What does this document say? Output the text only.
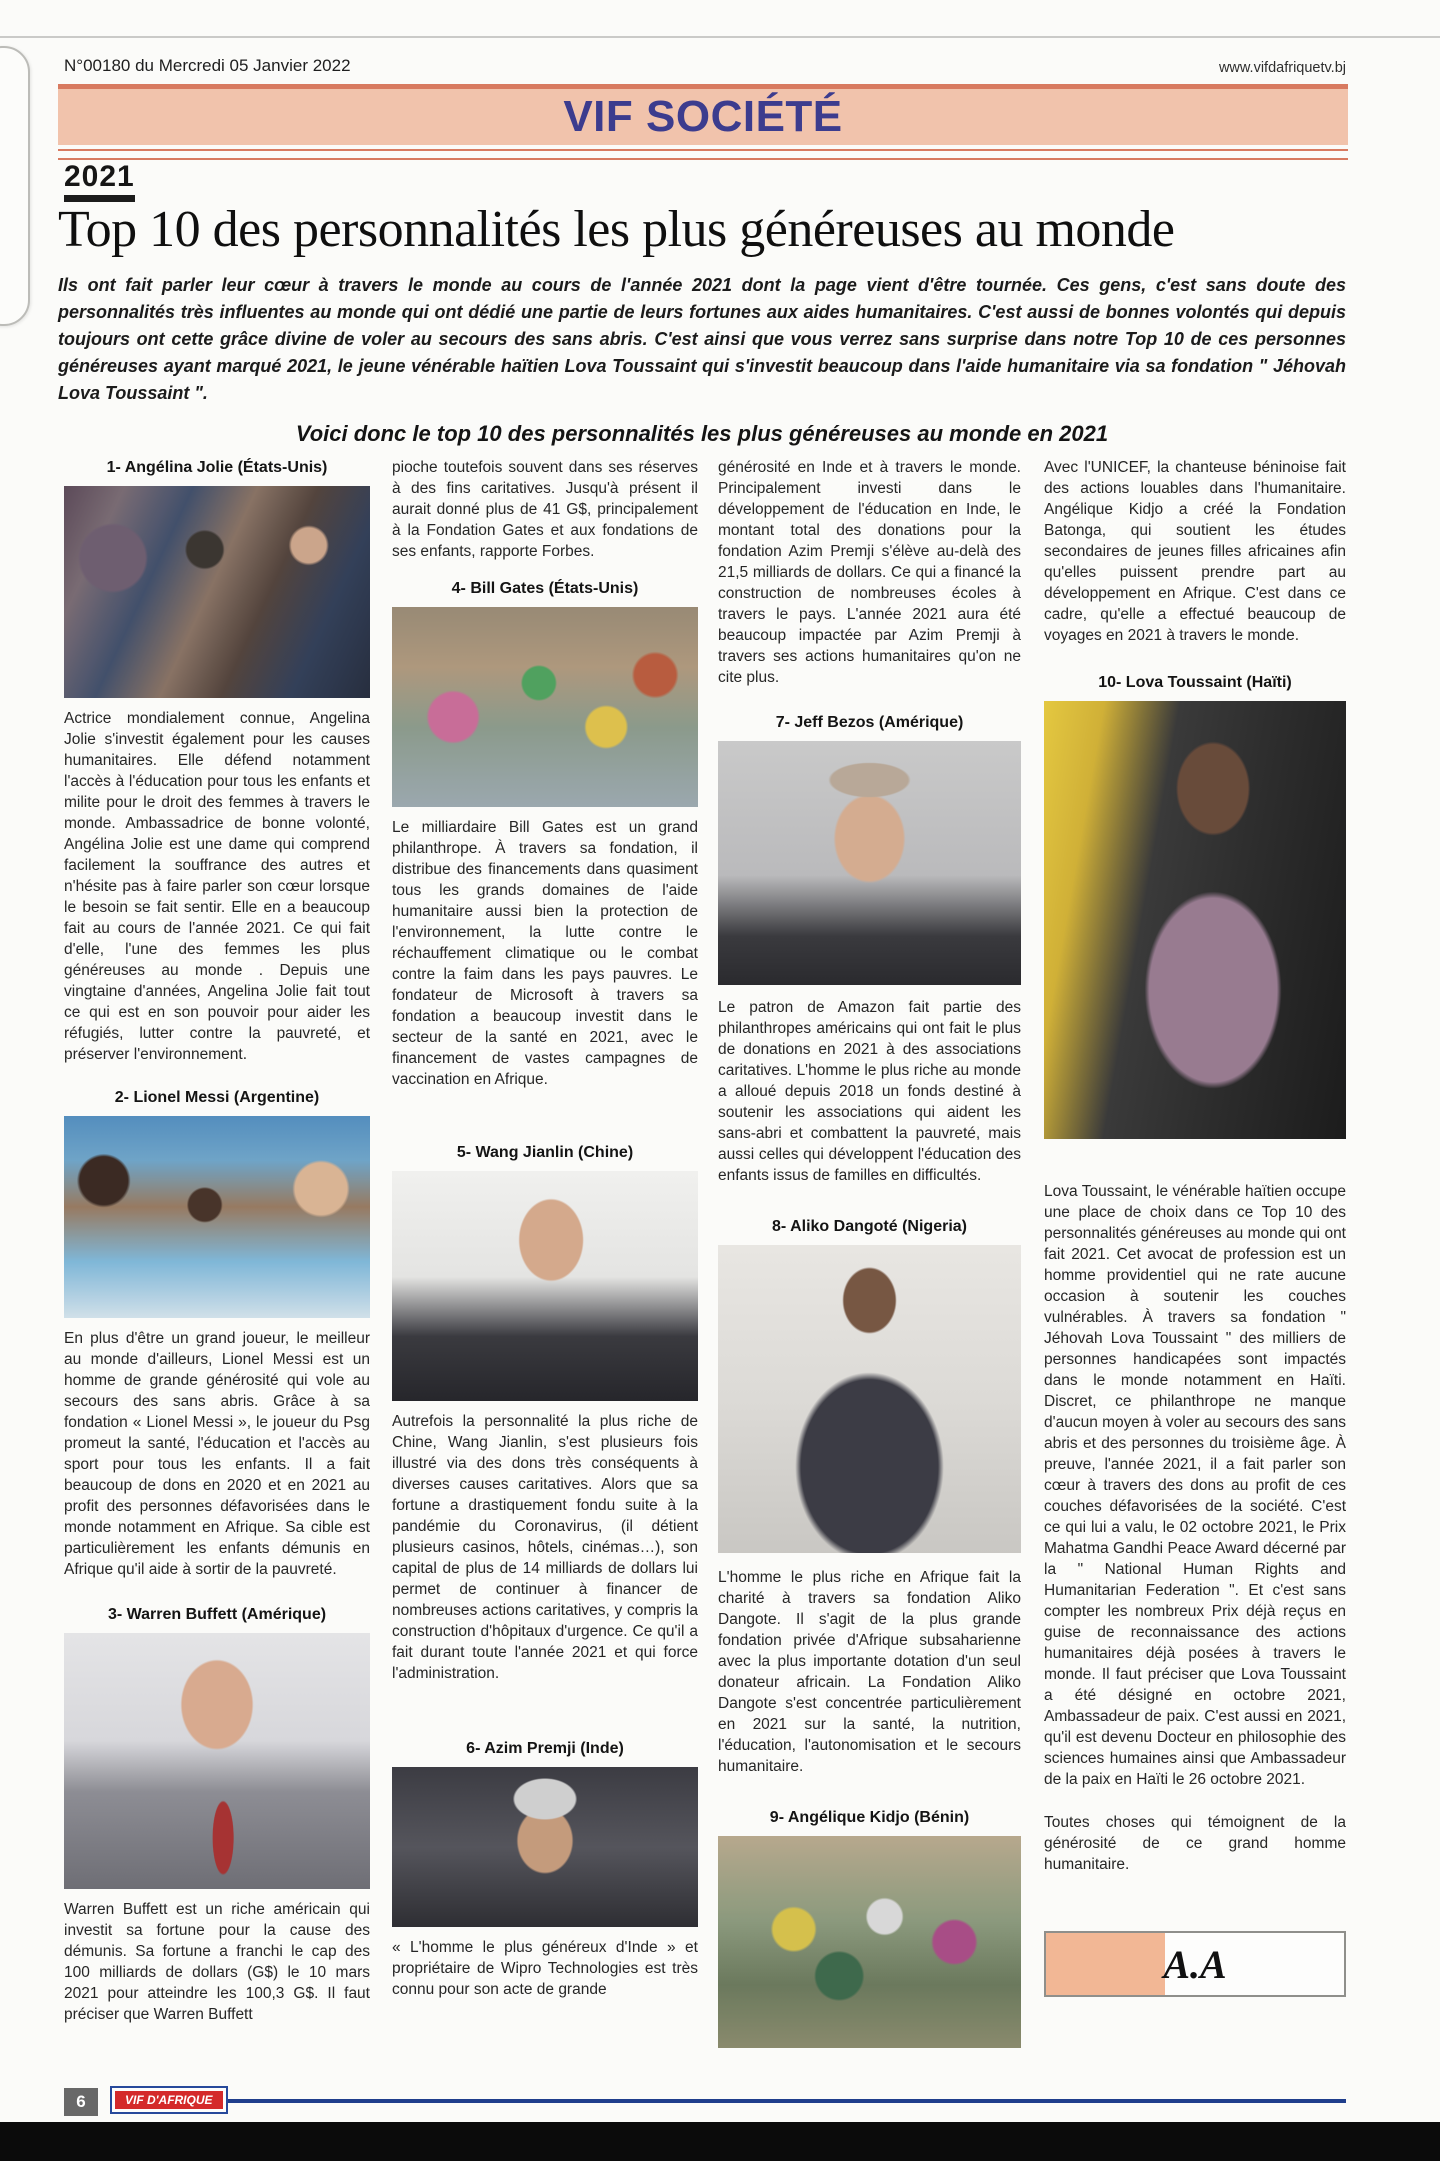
N°00180 du Mercredi 05 Janvier 2022	www.vifdafriquetv.bj
VIF SOCIÉTÉ
2021
Top 10 des personnalités les plus généreuses au monde
Ils ont fait parler leur cœur à travers le monde au cours de l'année 2021 dont la page vient d'être tournée. Ces gens, c'est sans doute des personnalités très influentes au monde qui ont dédié une partie de leurs fortunes aux aides humanitaires. C'est aussi de bonnes volontés qui depuis toujours ont cette grâce divine de voler au secours des sans abris. C'est ainsi que vous verrez sans surprise dans notre Top 10 de ces personnes généreuses ayant marqué 2021, le jeune vénérable haïtien Lova Toussaint qui s'investit beaucoup dans l'aide humanitaire via sa fondation " Jéhovah Lova Toussaint ".
Voici donc le top 10 des personnalités les plus généreuses au monde en 2021
1- Angélina Jolie (États-Unis)

Actrice mondialement connue, Angelina Jolie s'investit également pour les causes humanitaires. Elle défend notamment l'accès à l'éducation pour tous les enfants et milite pour le droit des femmes à travers le monde. Ambassadrice de bonne volonté, Angélina Jolie est une dame qui comprend facilement la souffrance des autres et n'hésite pas à faire parler son cœur lorsque le besoin se fait sentir. Elle en a beaucoup fait au cours de l'année 2021. Ce qui fait d'elle, l'une des femmes les plus généreuses au monde . Depuis une vingtaine d'années, Angelina Jolie fait tout ce qui est en son pouvoir pour aider les réfugiés, lutter contre la pauvreté, et préserver l'environnement.

2- Lionel Messi (Argentine)

En plus d'être un grand joueur, le meilleur au monde d'ailleurs, Lionel Messi est un homme de grande générosité qui vole au secours des sans abris. Grâce à sa fondation « Lionel Messi », le joueur du Psg promeut la santé, l'éducation et l'accès au sport pour tous les enfants. Il a fait beaucoup de dons en 2020 et en 2021 au profit des personnes défavorisées dans le monde notamment en Afrique. Sa cible est particulièrement les enfants démunis en Afrique qu'il aide à sortir de la pauvreté.

3- Warren Buffett (Amérique)

Warren Buffett est un riche américain qui investit sa fortune pour la cause des démunis. Sa fortune a franchi le cap des 100 milliards de dollars (G$) le 10 mars 2021 pour atteindre les 100,3 G$. Il faut préciser que Warren Buffett

pioche toutefois souvent dans ses réserves à des fins caritatives. Jusqu'à présent il aurait donné plus de 41 G$, principalement à la Fondation Gates et aux fondations de ses enfants, rapporte Forbes.

4- Bill Gates (États-Unis)

Le milliardaire Bill Gates est un grand philanthrope. À travers sa fondation, il distribue des financements dans quasiment tous les grands domaines de l'aide humanitaire aussi bien la protection de l'environnement, la lutte contre le réchauffement climatique ou le combat contre la faim dans les pays pauvres. Le fondateur de Microsoft à travers sa fondation a beaucoup investit dans le secteur de la santé en 2021, avec le financement de vastes campagnes de vaccination en Afrique.

5- Wang Jianlin (Chine)

Autrefois la personnalité la plus riche de Chine, Wang Jianlin, s'est plusieurs fois illustré via des dons très conséquents à diverses causes caritatives. Alors que sa fortune a drastiquement fondu suite à la pandémie du Coronavirus, (il détient plusieurs casinos, hôtels, cinémas…), son capital de plus de 14 milliards de dollars lui permet de continuer à financer de nombreuses actions caritatives, y compris la construction d'hôpitaux d'urgence. Ce qu'il a fait durant toute l'année 2021 et qui force l'administration.

6- Azim Premji (Inde)

« L'homme le plus généreux d'Inde » et propriétaire de Wipro Technologies est très connu pour son acte de grande

générosité en Inde et à travers le monde. Principalement investi dans le développement de l'éducation en Inde, le montant total des donations pour la fondation Azim Premji s'élève au-delà des 21,5 milliards de dollars. Ce qui a financé la construction de nombreuses écoles à travers le pays. L'année 2021 aura été beaucoup impactée par Azim Premji à travers ses actions humanitaires qu'on ne cite plus.

7- Jeff Bezos (Amérique)

Le patron de Amazon fait partie des philanthropes américains qui ont fait le plus de donations en 2021 à des associations caritatives. L'homme le plus riche au monde a alloué depuis 2018 un fonds destiné à soutenir les associations qui aident les sans-abri et combattent la pauvreté, mais aussi celles qui développent l'éducation des enfants issus de familles en difficultés.

8- Aliko Dangoté (Nigeria)

L'homme le plus riche en Afrique fait la charité à travers sa fondation Aliko Dangote. Il s'agit de la plus grande fondation privée d'Afrique subsaharienne avec la plus importante dotation d'un seul donateur africain. La Fondation Aliko Dangote s'est concentrée particulièrement en 2021 sur la santé, la nutrition, l'éducation, l'autonomisation et le secours humanitaire.

9- Angélique Kidjo (Bénin)

Avec l'UNICEF, la chanteuse béninoise fait des actions louables dans l'humanitaire. Angélique Kidjo a créé la Fondation Batonga, qui soutient les études secondaires de jeunes filles africaines afin qu'elles puissent prendre part au développement en Afrique. C'est dans ce cadre, qu'elle a effectué beaucoup de voyages en 2021 à travers le monde.

10- Lova Toussaint (Haïti)

Lova Toussaint, le vénérable haïtien occupe une place de choix dans ce Top 10 des personnalités généreuses au monde qui ont fait 2021. Cet avocat de profession est un homme providentiel qui ne rate aucune occasion à soutenir les couches vulnérables. À travers sa fondation " Jéhovah Lova Toussaint " des milliers de personnes handicapées sont impactés dans le monde notamment en Haïti. Discret, ce philanthrope ne manque d'aucun moyen à voler au secours des sans abris et des personnes du troisième âge. À preuve, l'année 2021, il a fait parler son cœur à travers des dons au profit de ces couches défavorisées de la société. C'est ce qui lui a valu, le 02 octobre 2021, le Prix Mahatma Gandhi Peace Award décerné par la " National Human Rights and Humanitarian Federation ". Et c'est sans compter les nombreux Prix déjà reçus en guise de reconnaissance des actions humanitaires déjà posées à travers le monde. Il faut préciser que Lova Toussaint a été désigné en octobre 2021, Ambassadeur de paix. C'est aussi en 2021, qu'il est devenu Docteur en philosophie des sciences humaines ainsi que Ambassadeur de la paix en Haïti le 26 octobre 2021.

Toutes choses qui témoignent de la générosité de ce grand homme humanitaire.

A.A
6	VIF D'AFRIQUE
